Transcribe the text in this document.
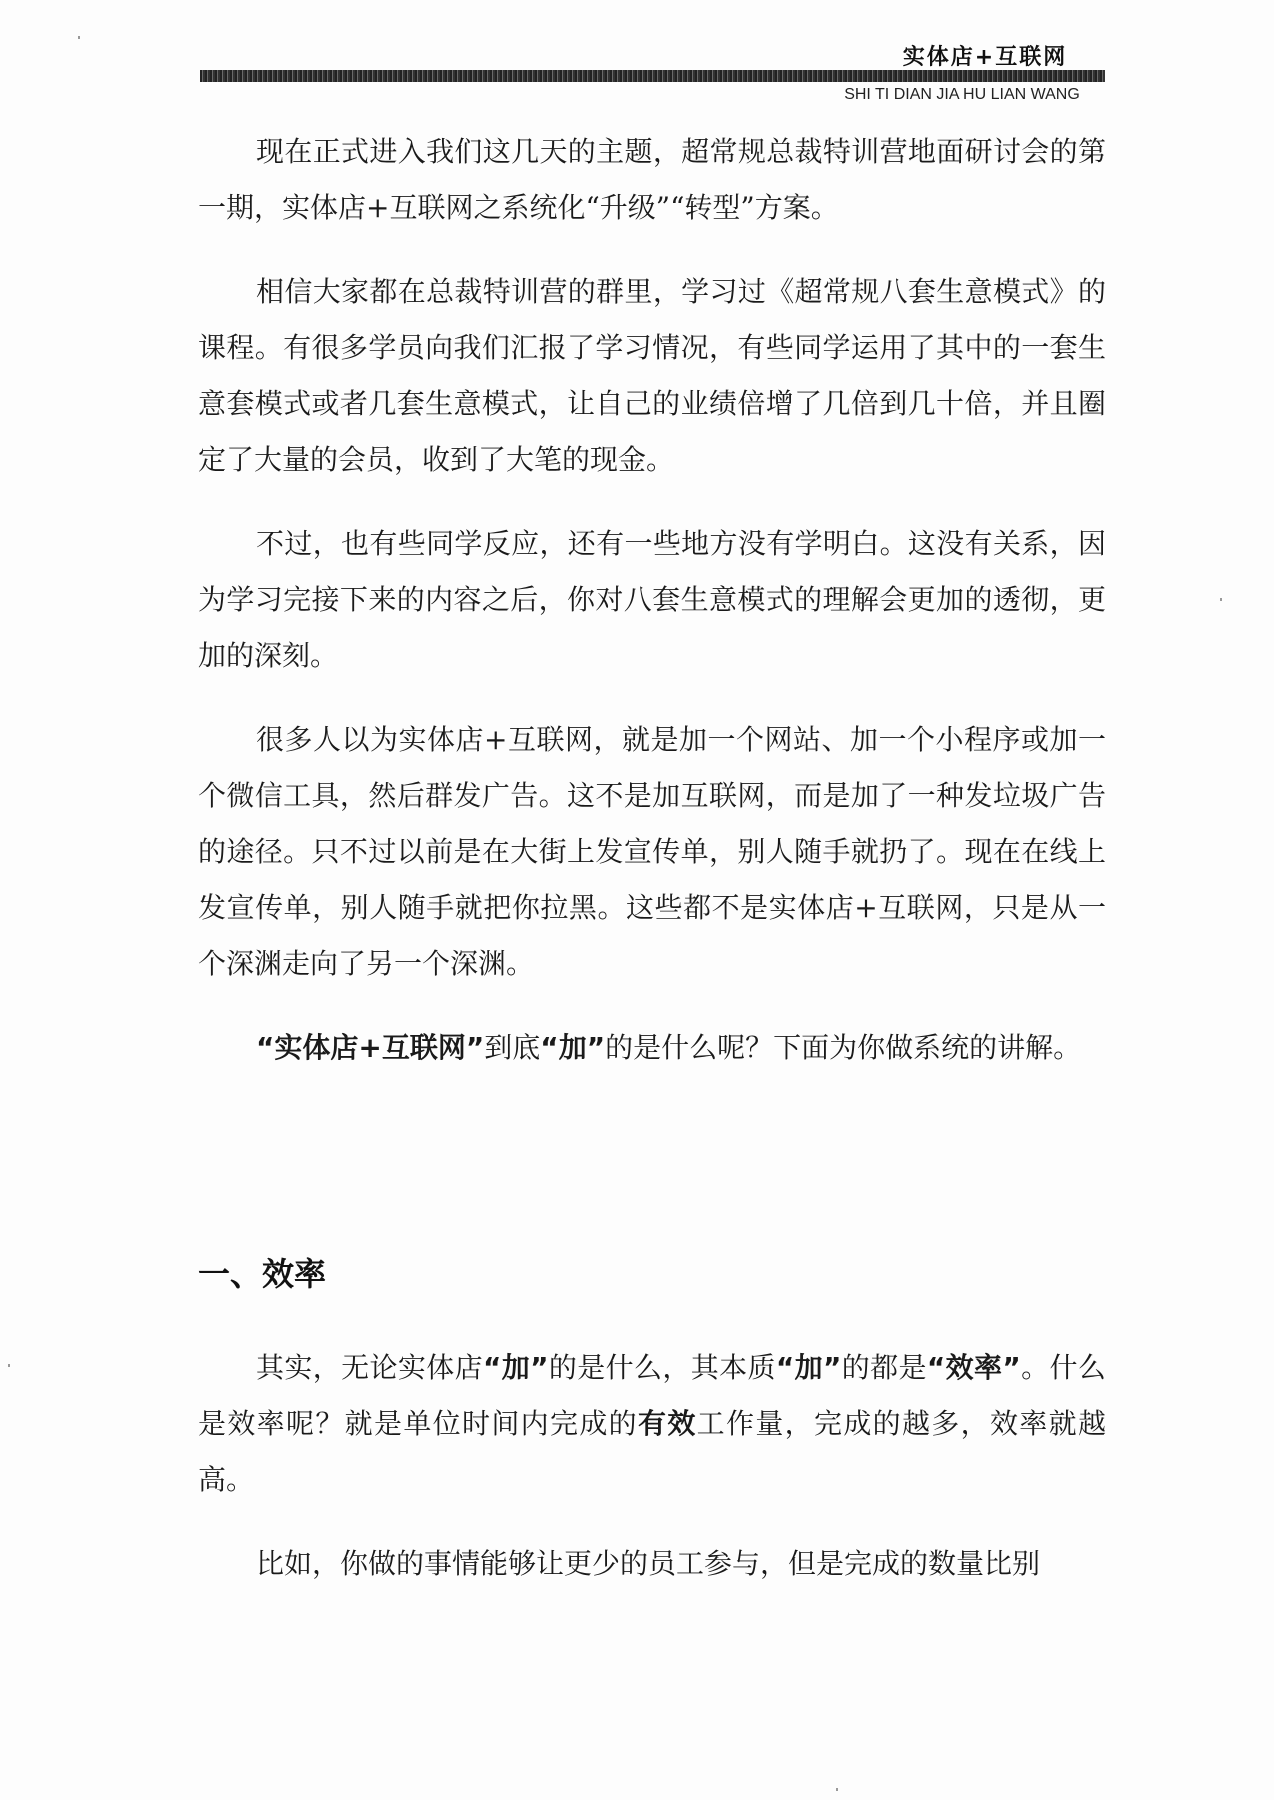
实体店+互联网
SHI TI DIAN JIA HU LIAN WANG

现在正式进入我们这几天的主题，超常规总裁特训营地面研讨会的第一期，实体店+互联网之系统化“升级”“转型”方案。

相信大家都在总裁特训营的群里，学习过《超常规八套生意模式》的课程。有很多学员向我们汇报了学习情况，有些同学运用了其中的一套生意套模式或者几套生意模式，让自己的业绩倍增了几倍到几十倍，并且圈定了大量的会员，收到了大笔的现金。

不过，也有些同学反应，还有一些地方没有学明白。这没有关系，因为学习完接下来的内容之后，你对八套生意模式的理解会更加的透彻，更加的深刻。

很多人以为实体店+互联网，就是加一个网站、加一个小程序或加一个微信工具，然后群发广告。这不是加互联网，而是加了一种发垃圾广告的途径。只不过以前是在大街上发宣传单，别人随手就扔了。现在在线上发宣传单，别人随手就把你拉黑。这些都不是实体店+互联网，只是从一个深渊走向了另一个深渊。

“实体店+互联网”到底“加”的是什么呢？下面为你做系统的讲解。

一、效率

其实，无论实体店“加”的是什么，其本质“加”的都是“效率”。什么是效率呢？就是单位时间内完成的有效工作量，完成的越多，效率就越高。

比如，你做的事情能够让更少的员工参与，但是完成的数量比别
